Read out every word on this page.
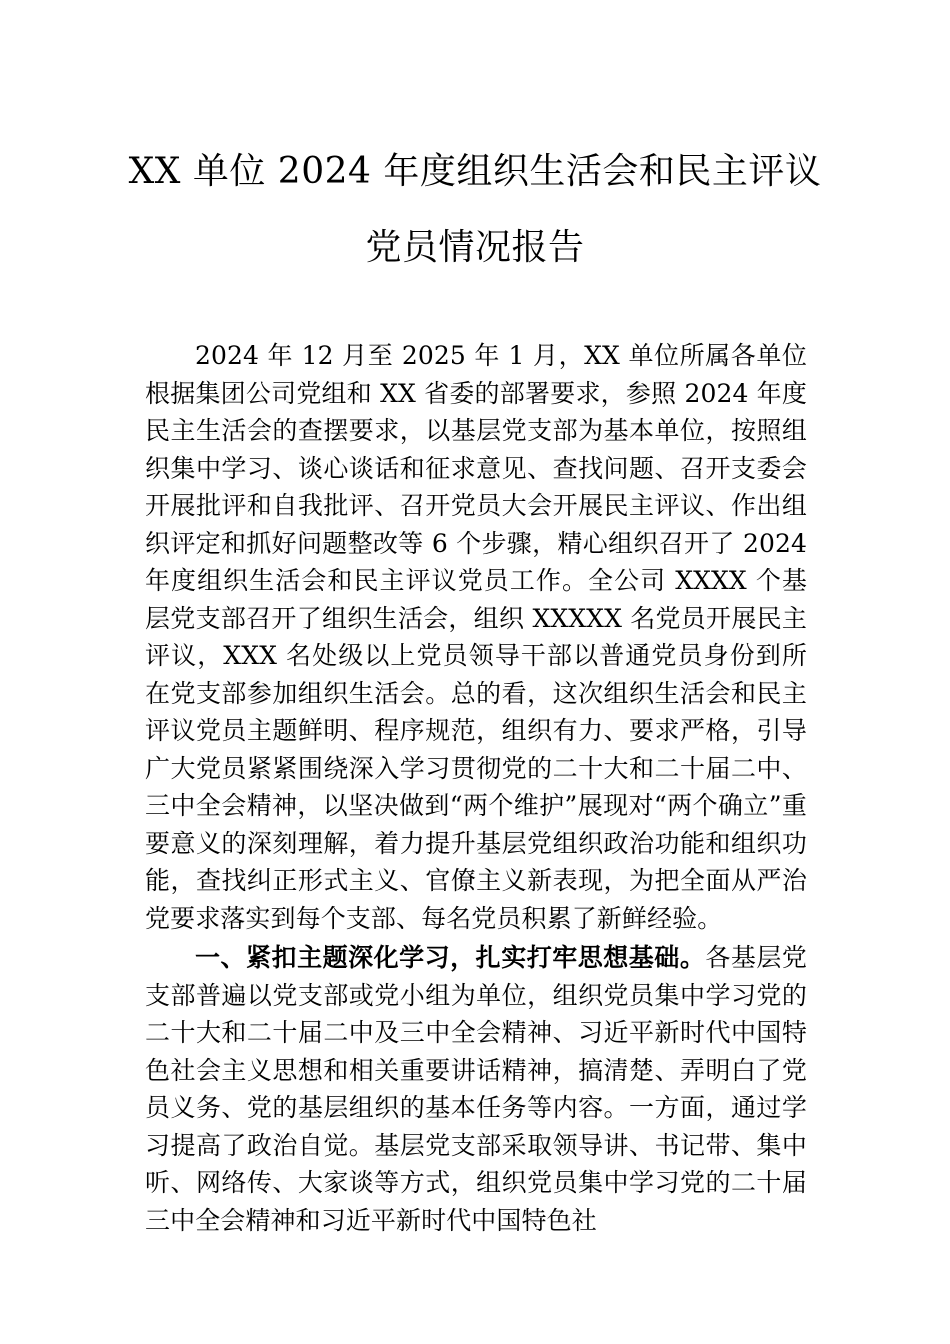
XX 单位 2024 年度组织生活会和民主评议
党员情况报告

2024 年 12 月至 2025 年 1 月，XX 单位所属各单位根据集团公司党组和 XX 省委的部署要求，参照 2024 年度民主生活会的查摆要求，以基层党支部为基本单位，按照组织集中学习、谈心谈话和征求意见、查找问题、召开支委会开展批评和自我批评、召开党员大会开展民主评议、作出组织评定和抓好问题整改等 6 个步骤，精心组织召开了 2024 年度组织生活会和民主评议党员工作。全公司 XXXX 个基层党支部召开了组织生活会，组织 XXXXX 名党员开展民主评议，XXX 名处级以上党员领导干部以普通党员身份到所在党支部参加组织生活会。总的看，这次组织生活会和民主评议党员主题鲜明、程序规范，组织有力、要求严格，引导广大党员紧紧围绕深入学习贯彻党的二十大和二十届二中、三中全会精神，以坚决做到“两个维护”展现对“两个确立”重要意义的深刻理解，着力提升基层党组织政治功能和组织功能，查找纠正形式主义、官僚主义新表现，为把全面从严治党要求落实到每个支部、每名党员积累了新鲜经验。

一、紧扣主题深化学习，扎实打牢思想基础。各基层党支部普遍以党支部或党小组为单位，组织党员集中学习党的二十大和二十届二中及三中全会精神、习近平新时代中国特色社会主义思想和相关重要讲话精神，搞清楚、弄明白了党员义务、党的基层组织的基本任务等内容。一方面，通过学习提高了政治自觉。基层党支部采取领导讲、书记带、集中听、网络传、大家谈等方式，组织党员集中学习党的二十届三中全会精神和习近平新时代中国特色社
